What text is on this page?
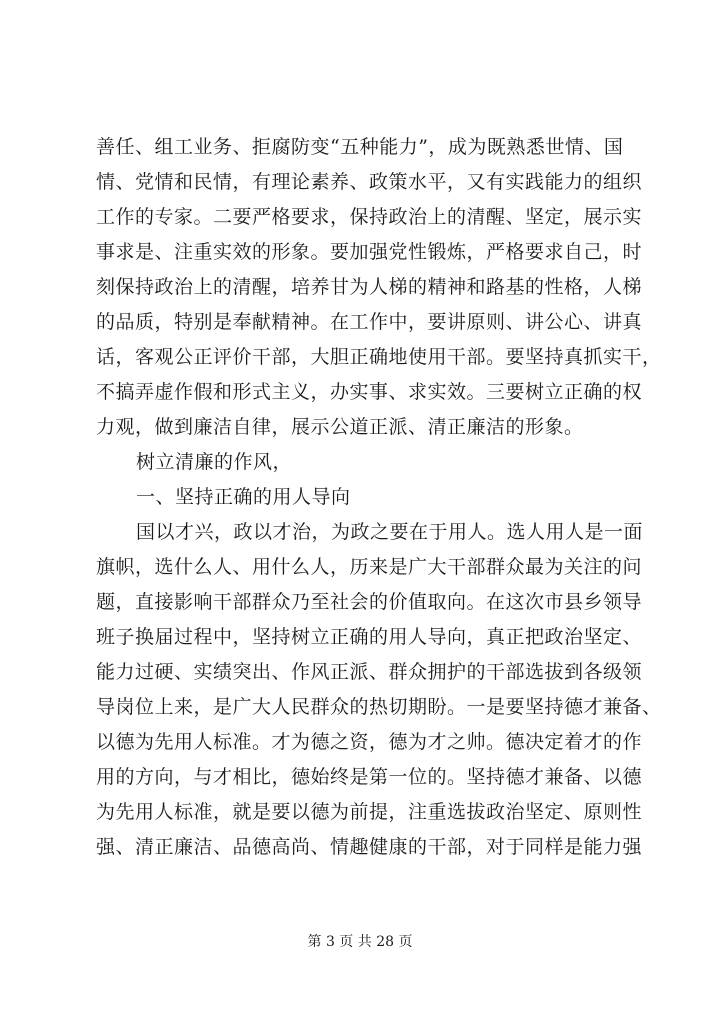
善任、组工业务、拒腐防变“五种能力”，成为既熟悉世情、国
情、党情和民情，有理论素养、政策水平，又有实践能力的组织
工作的专家。二要严格要求，保持政治上的清醒、坚定，展示实
事求是、注重实效的形象。要加强党性锻炼，严格要求自己，时
刻保持政治上的清醒，培养甘为人梯的精神和路基的性格，人梯
的品质，特别是奉献精神。在工作中，要讲原则、讲公心、讲真
话，客观公正评价干部，大胆正确地使用干部。要坚持真抓实干，
不搞弄虚作假和形式主义，办实事、求实效。三要树立正确的权
力观，做到廉洁自律，展示公道正派、清正廉洁的形象。
树立清廉的作风，
一、坚持正确的用人导向
国以才兴，政以才治，为政之要在于用人。选人用人是一面
旗帜，选什么人、用什么人，历来是广大干部群众最为关注的问
题，直接影响干部群众乃至社会的价值取向。在这次市县乡领导
班子换届过程中，坚持树立正确的用人导向，真正把政治坚定、
能力过硬、实绩突出、作风正派、群众拥护的干部选拔到各级领
导岗位上来，是广大人民群众的热切期盼。一是要坚持德才兼备、
以德为先用人标准。才为德之资，德为才之帅。德决定着才的作
用的方向，与才相比，德始终是第一位的。坚持德才兼备、以德
为先用人标准，就是要以德为前提，注重选拔政治坚定、原则性
强、清正廉洁、品德高尚、情趣健康的干部，对于同样是能力强
第 3 页 共 28 页
